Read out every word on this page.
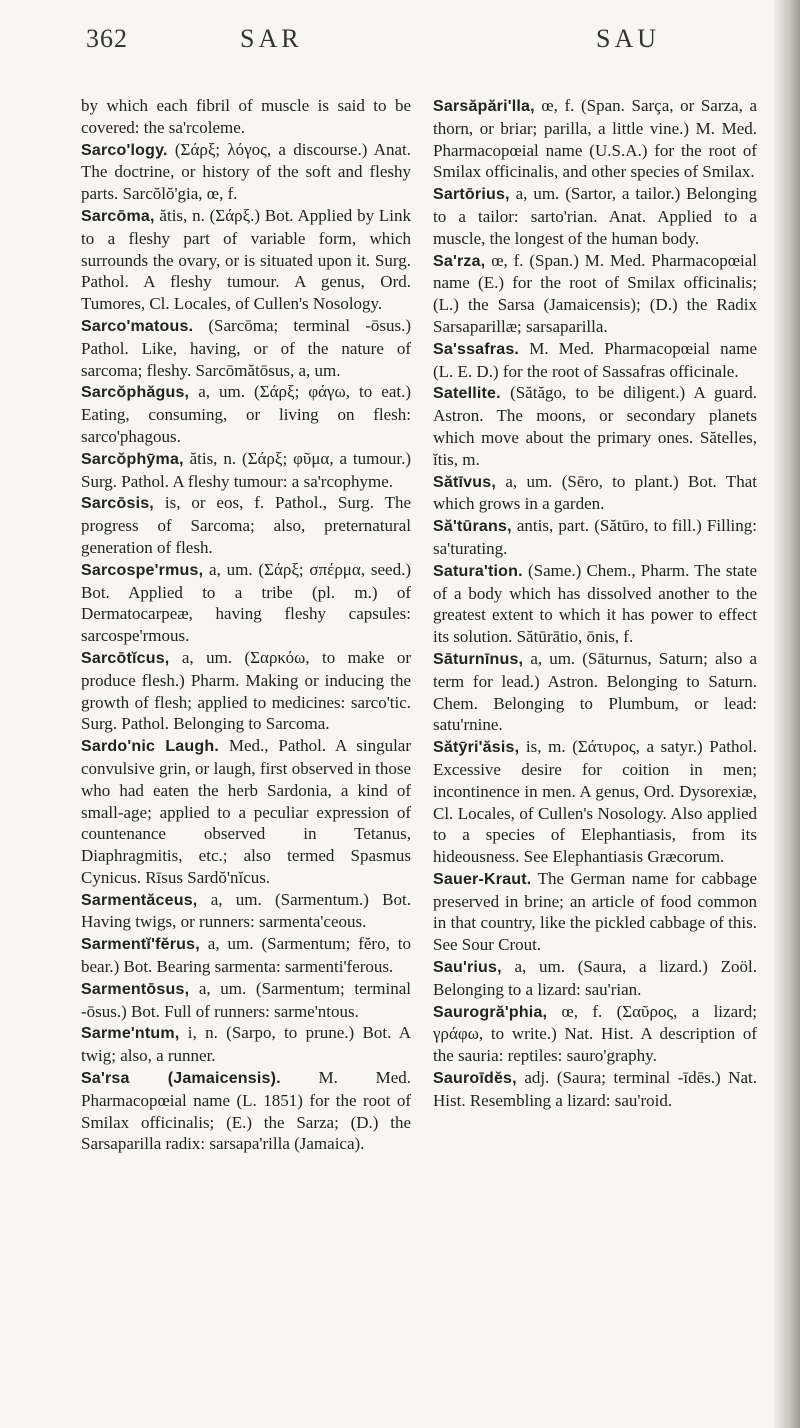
362	SAR	SAU

by which each fibril of muscle is said to be covered: the sa'rcoleme.

Sarco'logy. (Σάρξ; λόγος, a discourse.) Anat. The doctrine, or history of the soft and fleshy parts. Sarcŏlŏ'gia, œ, f.

Sarcōma, ătis, n. (Σάρξ.) Bot. Applied by Link to a fleshy part of variable form, which surrounds the ovary, or is situated upon it. Surg. Pathol. A fleshy tumour. A genus, Ord. Tumores, Cl. Locales, of Cullen's Nosology.

Sarco'matous. (Sarcōma; terminal -ōsus.) Pathol. Like, having, or of the nature of sarcoma; fleshy. Sarcōmătōsus, a, um.

Sarcŏphăgus, a, um. (Σάρξ; φάγω, to eat.) Eating, consuming, or living on flesh: sarco'phagous.

Sarcŏphȳma, ătis, n. (Σάρξ; φῦμα, a tumour.) Surg. Pathol. A fleshy tumour: a sa'rcophyme.

Sarcōsis, is, or eos, f. Pathol., Surg. The progress of Sarcoma; also, preternatural generation of flesh.

Sarcospe'rmus, a, um. (Σάρξ; σπέρμα, seed.) Bot. Applied to a tribe (pl. m.) of Dermatocarpeæ, having fleshy capsules: sarcospe'rmous.

Sarcōtĭcus, a, um. (Σαρκόω, to make or produce flesh.) Pharm. Making or inducing the growth of flesh; applied to medicines: sarco'tic. Surg. Pathol. Belonging to Sarcoma.

Sardo'nic Laugh. Med., Pathol. A singular convulsive grin, or laugh, first observed in those who had eaten the herb Sardonia, a kind of small-age; applied to a peculiar expression of countenance observed in Tetanus, Diaphragmitis, etc.; also termed Spasmus Cynicus. Rīsus Sardŏ'nĭcus.

Sarmentăceus, a, um. (Sarmentum.) Bot. Having twigs, or runners: sarmenta'ceous.

Sarmentĭ'fĕrus, a, um. (Sarmentum; fĕro, to bear.) Bot. Bearing sarmenta: sarmenti'ferous.

Sarmentōsus, a, um. (Sarmentum; terminal -ōsus.) Bot. Full of runners: sarme'ntous.

Sarme'ntum, i, n. (Sarpo, to prune.) Bot. A twig; also, a runner.

Sa'rsa (Jamaicensis). M. Med. Pharmacopœial name (L. 1851) for the root of Smilax officinalis; (E.) the Sarza; (D.) the Sarsaparilla radix: sarsapa'rilla (Jamaica).

Sarsăpări'lla, œ, f. (Span. Sarça, or Sarza, a thorn, or briar; parilla, a little vine.) M. Med. Pharmacopœial name (U.S.A.) for the root of Smilax officinalis, and other species of Smilax.

Sartōrius, a, um. (Sartor, a tailor.) Belonging to a tailor: sarto'rian. Anat. Applied to a muscle, the longest of the human body.

Sa'rza, œ, f. (Span.) M. Med. Pharmacopœial name (E.) for the root of Smilax officinalis; (L.) the Sarsa (Jamaicensis); (D.) the Radix Sarsaparillæ; sarsaparilla.

Sa'ssafras. M. Med. Pharmacopœial name (L. E. D.) for the root of Sassafras officinale.

Satellite. (Sătăgo, to be diligent.) A guard. Astron. The moons, or secondary planets which move about the primary ones. Sătelles, ĭtis, m.

Sătīvus, a, um. (Sēro, to plant.) Bot. That which grows in a garden.

Să'tūrans, antis, part. (Sătūro, to fill.) Filling: sa'turating.

Satura'tion. (Same.) Chem., Pharm. The state of a body which has dissolved another to the greatest extent to which it has power to effect its solution. Sătūrātio, ōnis, f.

Sāturnīnus, a, um. (Sāturnus, Saturn; also a term for lead.) Astron. Belonging to Saturn. Chem. Belonging to Plumbum, or lead: satu'rnine.

Sătȳri'ăsis, is, m. (Σάτυρος, a satyr.) Pathol. Excessive desire for coition in men; incontinence in men. A genus, Ord. Dysorexiæ, Cl. Locales, of Cullen's Nosology. Also applied to a species of Elephantiasis, from its hideousness. See Elephantiasis Græcorum.

Sauer-Kraut. The German name for cabbage preserved in brine; an article of food common in that country, like the pickled cabbage of this. See Sour Crout.

Sau'rius, a, um. (Saura, a lizard.) Zoöl. Belonging to a lizard: sau'rian.

Saurogră'phia, œ, f. (Σαῦρος, a lizard; γράφω, to write.) Nat. Hist. A description of the sauria: reptiles: sauro'graphy.

Sauroīdĕs, adj. (Saura; terminal -īdēs.) Nat. Hist. Resembling a lizard: sau'roid.
